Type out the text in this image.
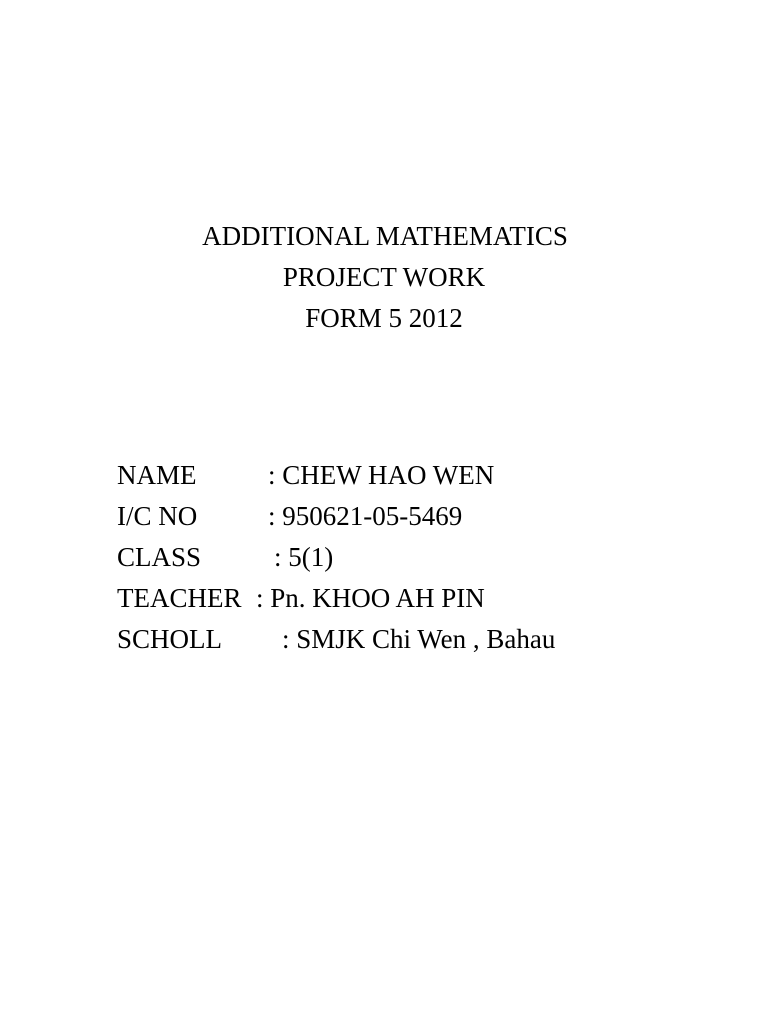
ADDITIONAL MATHEMATICS
PROJECT WORK
FORM 5 2012
NAME	: CHEW HAO WEN
I/C NO	: 950621-05-5469
CLASS	: 5(1)
TEACHER : Pn. KHOO AH PIN
SCHOLL : SMJK Chi Wen , Bahau
